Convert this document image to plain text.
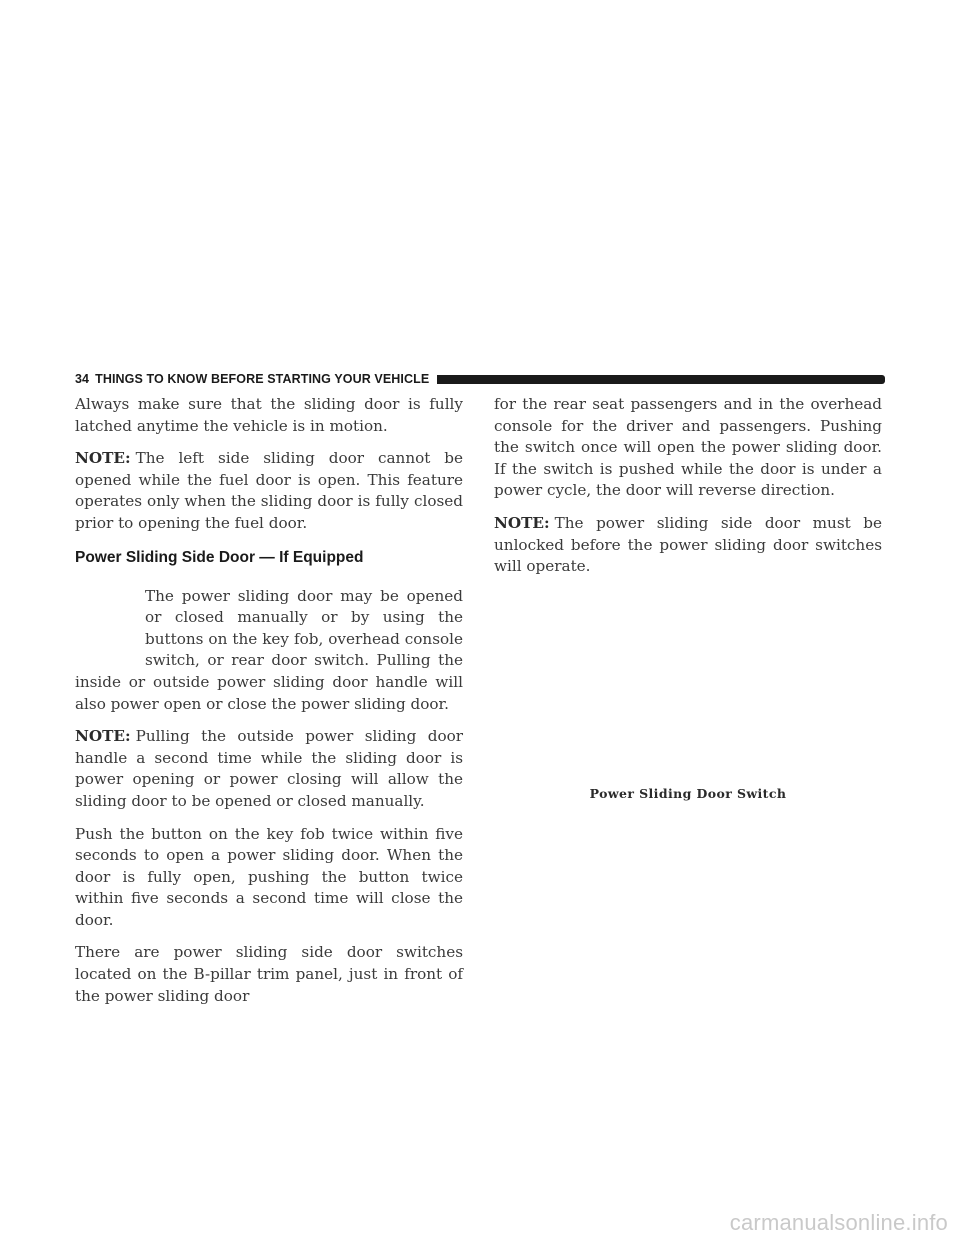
34 THINGS TO KNOW BEFORE STARTING YOUR VEHICLE

Always make sure that the sliding door is fully latched anytime the vehicle is in motion.

NOTE: The left side sliding door cannot be opened while the fuel door is open. This feature operates only when the sliding door is fully closed prior to opening the fuel door.

Power Sliding Side Door — If Equipped

The power sliding door may be opened or closed manually or by using the buttons on the key fob, overhead console switch, or rear door switch. Pulling the inside or outside power sliding door handle will also power open or close the power sliding door.

NOTE: Pulling the outside power sliding door handle a second time while the sliding door is power opening or power closing will allow the sliding door to be opened or closed manually.

Push the button on the key fob twice within five seconds to open a power sliding door. When the door is fully open, pushing the button twice within five seconds a second time will close the door.

There are power sliding side door switches located on the B-pillar trim panel, just in front of the power sliding door

for the rear seat passengers and in the overhead console for the driver and passengers. Pushing the switch once will open the power sliding door. If the switch is pushed while the door is under a power cycle, the door will reverse direction.

NOTE: The power sliding side door must be unlocked before the power sliding door switches will operate.

Power Sliding Door Switch
carmanualsonline.info
